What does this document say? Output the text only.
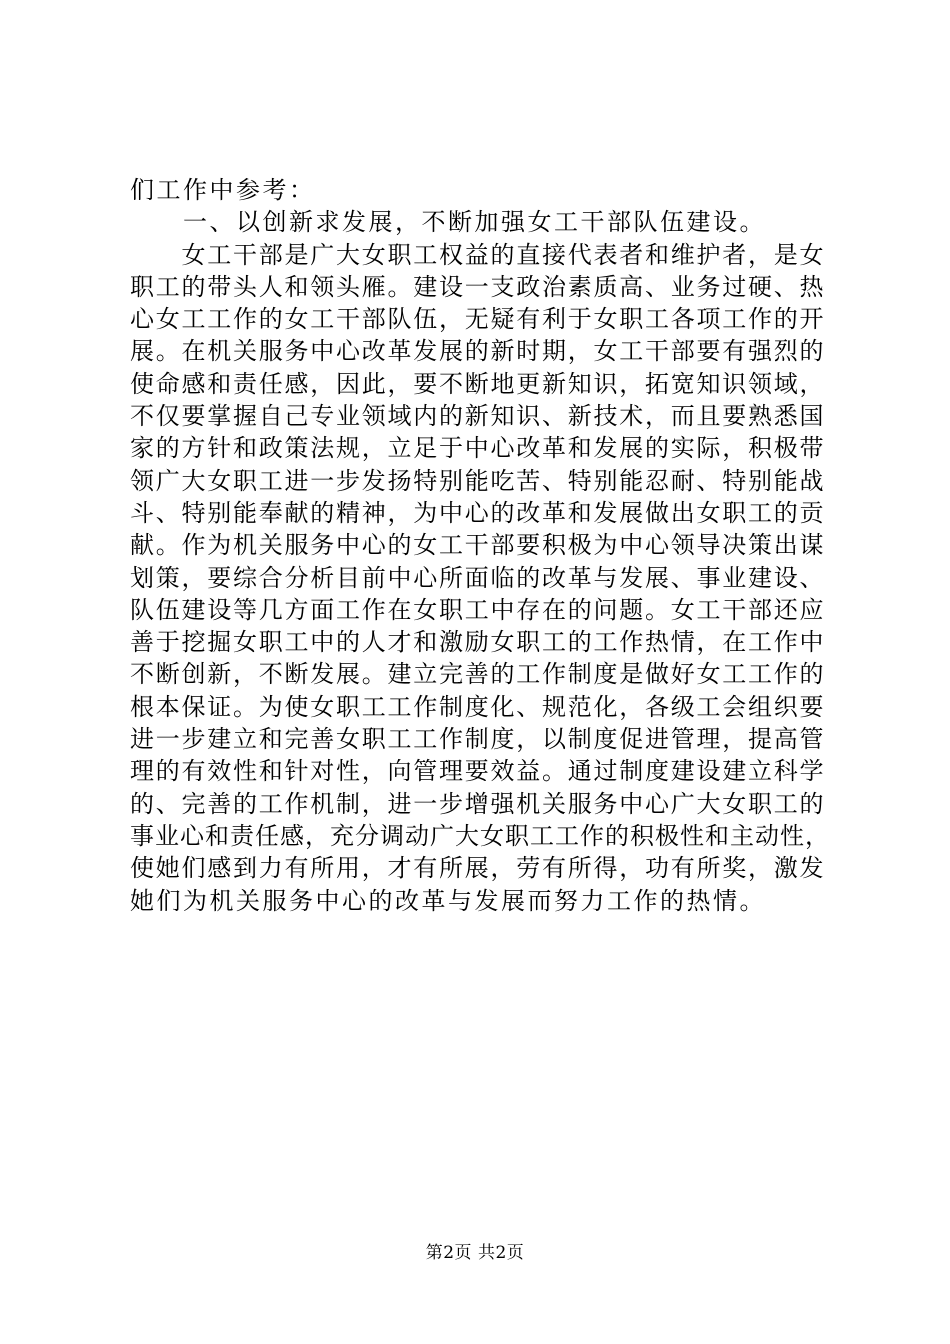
们工作中参考：
　　一、以创新求发展，不断加强女工干部队伍建设。
　　女工干部是广大女职工权益的直接代表者和维护者，是女
职工的带头人和领头雁。建设一支政治素质高、业务过硬、热
心女工工作的女工干部队伍，无疑有利于女职工各项工作的开
展。在机关服务中心改革发展的新时期，女工干部要有强烈的
使命感和责任感，因此，要不断地更新知识，拓宽知识领域，
不仅要掌握自己专业领域内的新知识、新技术，而且要熟悉国
家的方针和政策法规，立足于中心改革和发展的实际，积极带
领广大女职工进一步发扬特别能吃苦、特别能忍耐、特别能战
斗、特别能奉献的精神，为中心的改革和发展做出女职工的贡
献。作为机关服务中心的女工干部要积极为中心领导决策出谋
划策，要综合分析目前中心所面临的改革与发展、事业建设、
队伍建设等几方面工作在女职工中存在的问题。女工干部还应
善于挖掘女职工中的人才和激励女职工的工作热情，在工作中
不断创新，不断发展。建立完善的工作制度是做好女工工作的
根本保证。为使女职工工作制度化、规范化，各级工会组织要
进一步建立和完善女职工工作制度，以制度促进管理，提高管
理的有效性和针对性，向管理要效益。通过制度建设建立科学
的、完善的工作机制，进一步增强机关服务中心广大女职工的
事业心和责任感，充分调动广大女职工工作的积极性和主动性，
使她们感到力有所用，才有所展，劳有所得，功有所奖，激发
她们为机关服务中心的改革与发展而努力工作的热情。
第2页 共2页
